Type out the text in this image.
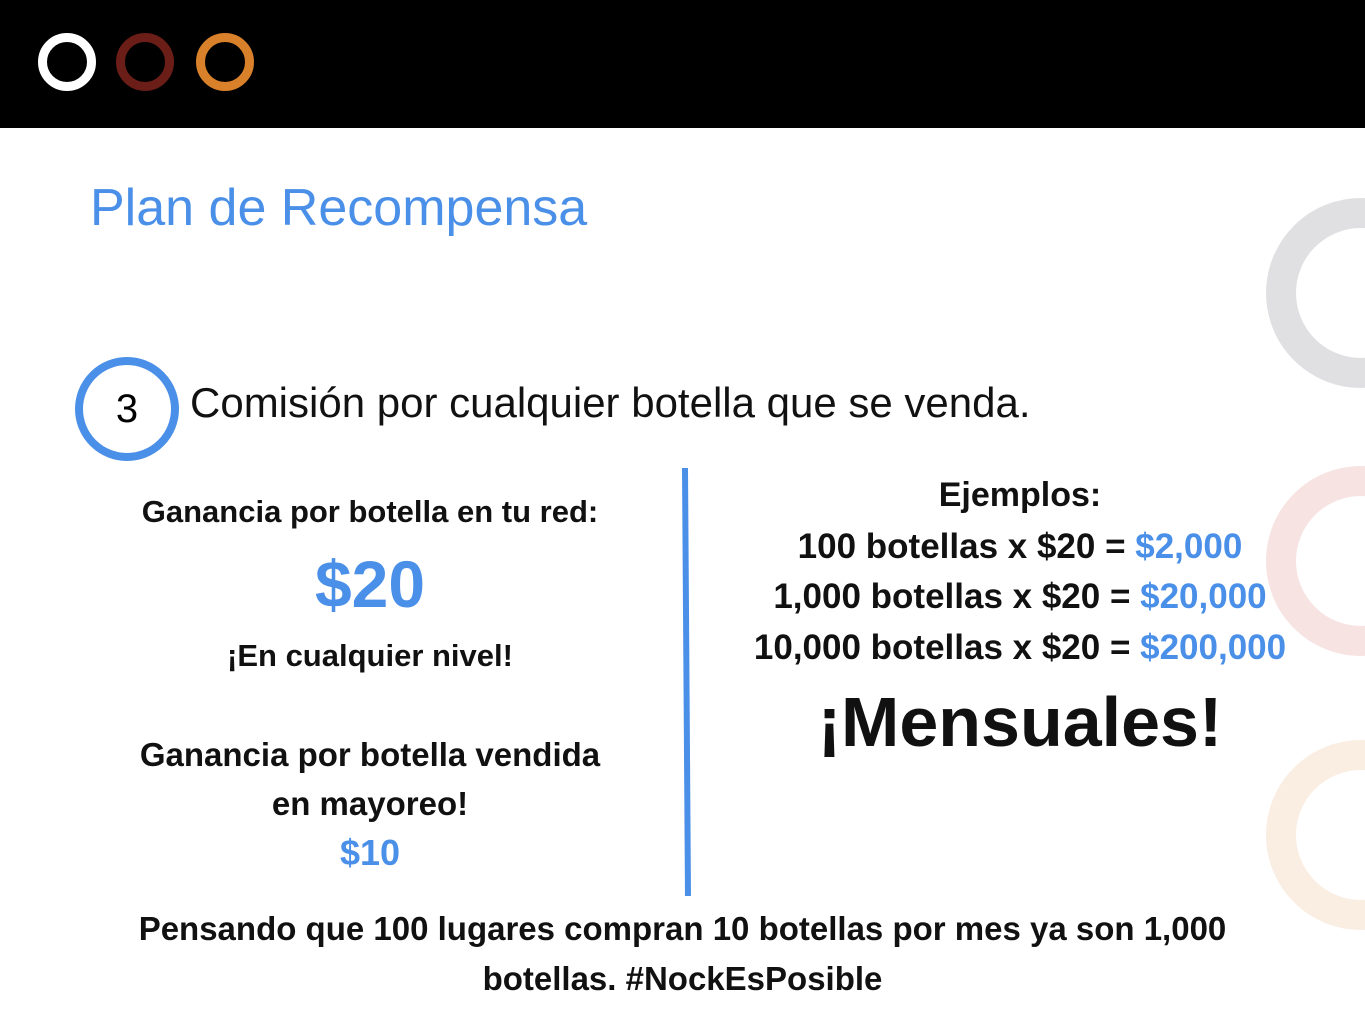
Plan de Recompensa
3	Comisión por cualquier botella que se venda.
Ganancia por botella en tu red:
$20
¡En cualquier nivel!
Ganancia por botella vendida
en mayoreo!
$10
Ejemplos:
100 botellas x $20 = $2,000
1,000 botellas x $20 = $20,000
10,000 botellas x $20 = $200,000
¡Mensuales!
Pensando que 100 lugares compran 10 botellas por mes ya son 1,000
botellas. #NockEsPosible
